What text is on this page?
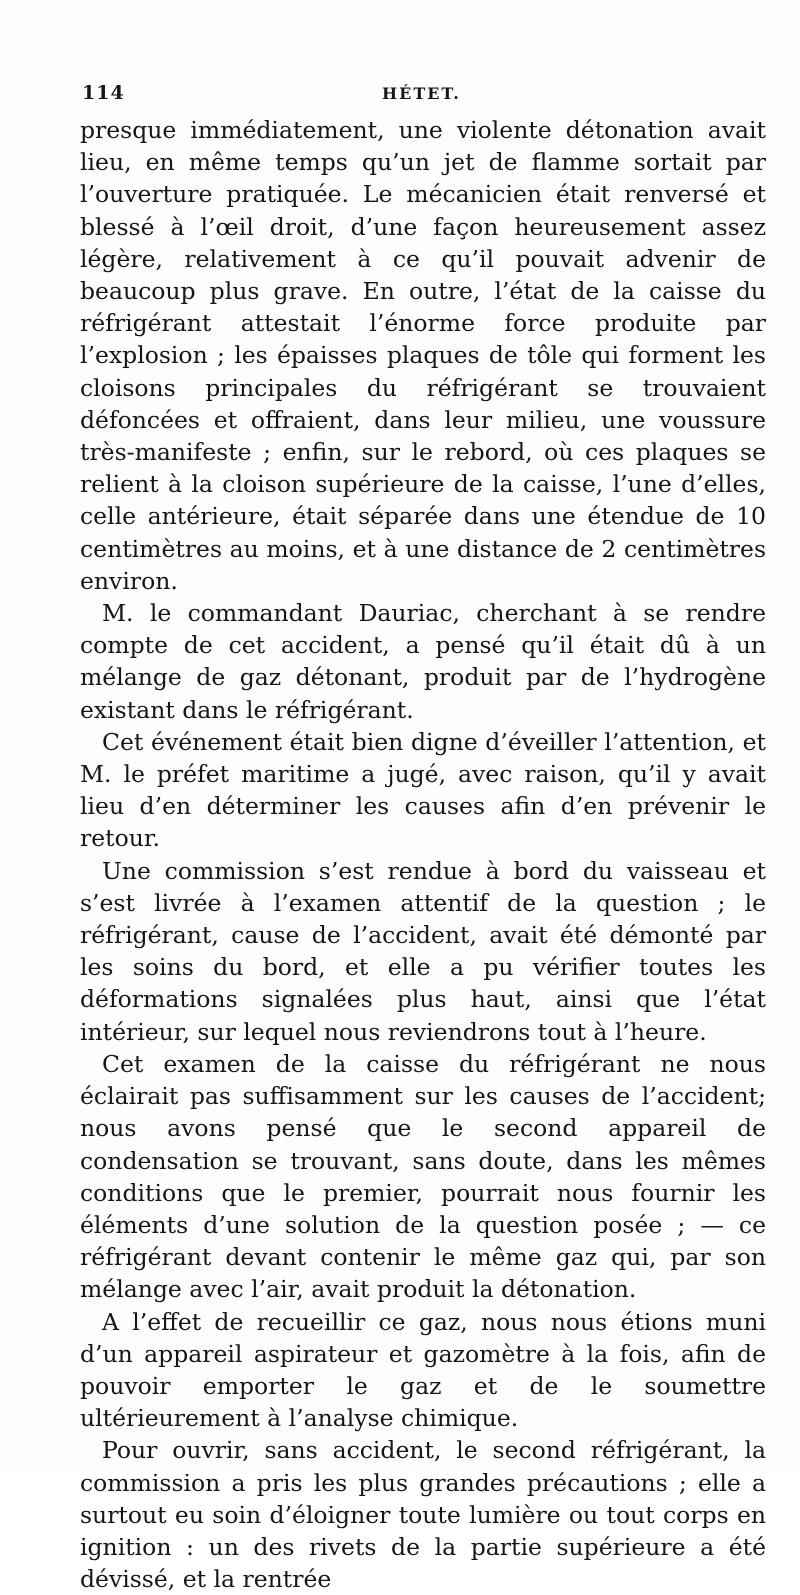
114	HÉTET.

presque immédiatement, une violente détonation avait lieu, en même temps qu’un jet de flamme sortait par l’ouverture pratiquée. Le mécanicien était renversé et blessé à l’œil droit, d’une façon heureusement assez légère, relativement à ce qu’il pouvait advenir de beaucoup plus grave. En outre, l’état de la caisse du réfrigérant attestait l’énorme force produite par l’explosion ; les épaisses plaques de tôle qui forment les cloisons principales du réfrigérant se trouvaient défoncées et offraient, dans leur milieu, une voussure très-manifeste ; enfin, sur le rebord, où ces plaques se relient à la cloison supérieure de la caisse, l’une d’elles, celle antérieure, était séparée dans une étendue de 10 centimètres au moins, et à une distance de 2 centimètres environ.

M. le commandant Dauriac, cherchant à se rendre compte de cet accident, a pensé qu’il était dû à un mélange de gaz détonant, produit par de l’hydrogène existant dans le réfrigérant.

Cet événement était bien digne d’éveiller l’attention, et M. le préfet maritime a jugé, avec raison, qu’il y avait lieu d’en déterminer les causes afin d’en prévenir le retour.

Une commission s’est rendue à bord du vaisseau et s’est livrée à l’examen attentif de la question ; le réfrigérant, cause de l’accident, avait été démonté par les soins du bord, et elle a pu vérifier toutes les déformations signalées plus haut, ainsi que l’état intérieur, sur lequel nous reviendrons tout à l’heure.

Cet examen de la caisse du réfrigérant ne nous éclairait pas suffisamment sur les causes de l’accident; nous avons pensé que le second appareil de condensation se trouvant, sans doute, dans les mêmes conditions que le premier, pourrait nous fournir les éléments d’une solution de la question posée ; — ce réfrigérant devant contenir le même gaz qui, par son mélange avec l’air, avait produit la détonation.

A l’effet de recueillir ce gaz, nous nous étions muni d’un appareil aspirateur et gazomètre à la fois, afin de pouvoir emporter le gaz et de le soumettre ultérieurement à l’analyse chimique.

Pour ouvrir, sans accident, le second réfrigérant, la commission a pris les plus grandes précautions ; elle a surtout eu soin d’éloigner toute lumière ou tout corps en ignition : un des rivets de la partie supérieure a été dévissé, et la rentrée
